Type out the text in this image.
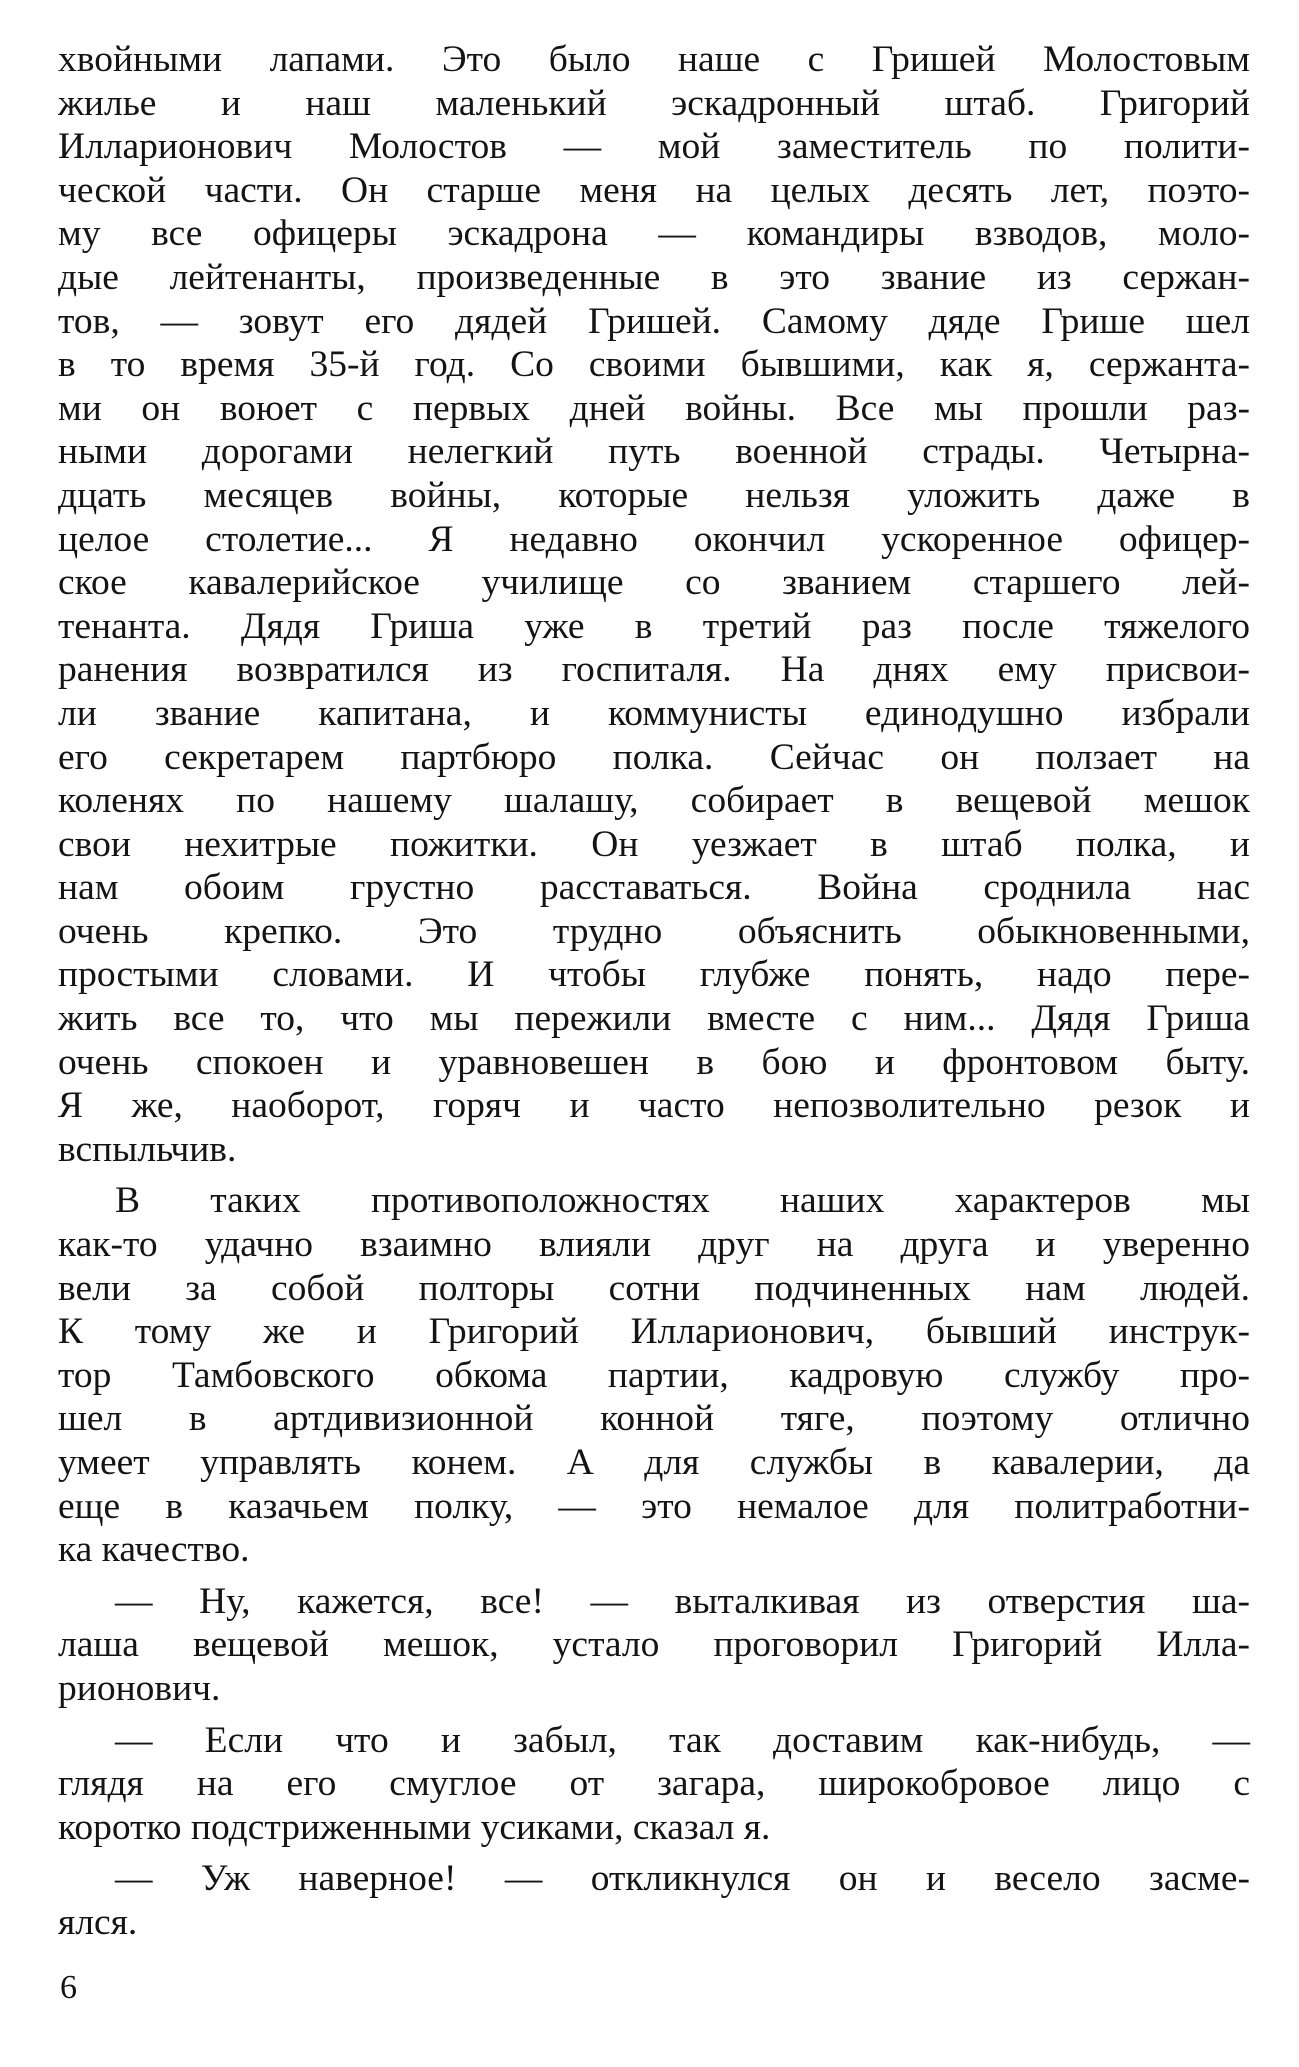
хвойными лапами. Это было наше с Гришей Молостовым
жилье и наш маленький эскадронный штаб. Григорий
Илларионович Молостов — мой заместитель по полити-
ческой части. Он старше меня на целых десять лет, поэто-
му все офицеры эскадрона — командиры взводов, моло-
дые лейтенанты, произведенные в это звание из сержан-
тов, — зовут его дядей Гришей. Самому дяде Грише шел
в то время 35-й год. Со своими бывшими, как я, сержанта-
ми он воюет с первых дней войны. Все мы прошли раз-
ными дорогами нелегкий путь военной страды. Четырна-
дцать месяцев войны, которые нельзя уложить даже в
целое столетие... Я недавно окончил ускоренное офицер-
ское кавалерийское училище со званием старшего лей-
тенанта. Дядя Гриша уже в третий раз после тяжелого
ранения возвратился из госпиталя. На днях ему присвои-
ли звание капитана, и коммунисты единодушно избрали
его секретарем партбюро полка. Сейчас он ползает на
коленях по нашему шалашу, собирает в вещевой мешок
свои нехитрые пожитки. Он уезжает в штаб полка, и
нам обоим грустно расставаться. Война сроднила нас
очень крепко. Это трудно объяснить обыкновенными,
простыми словами. И чтобы глубже понять, надо пере-
жить все то, что мы пережили вместе с ним... Дядя Гриша
очень спокоен и уравновешен в бою и фронтовом быту.
Я же, наоборот, горяч и часто непозволительно резок и
вспыльчив.
В таких противоположностях наших характеров мы
как-то удачно взаимно влияли друг на друга и уверенно
вели за собой полторы сотни подчиненных нам людей.
К тому же и Григорий Илларионович, бывший инструк-
тор Тамбовского обкома партии, кадровую службу про-
шел в артдивизионной конной тяге, поэтому отлично
умеет управлять конем. А для службы в кавалерии, да
еще в казачьем полку, — это немалое для политработни-
ка качество.
— Ну, кажется, все! — выталкивая из отверстия ша-
лаша вещевой мешок, устало проговорил Григорий Илла-
рионович.
— Если что и забыл, так доставим как-нибудь, —
глядя на его смуглое от загара, широкобровое лицо с
коротко подстриженными усиками, сказал я.
— Уж наверное! — откликнулся он и весело засме-
ялся.
6
